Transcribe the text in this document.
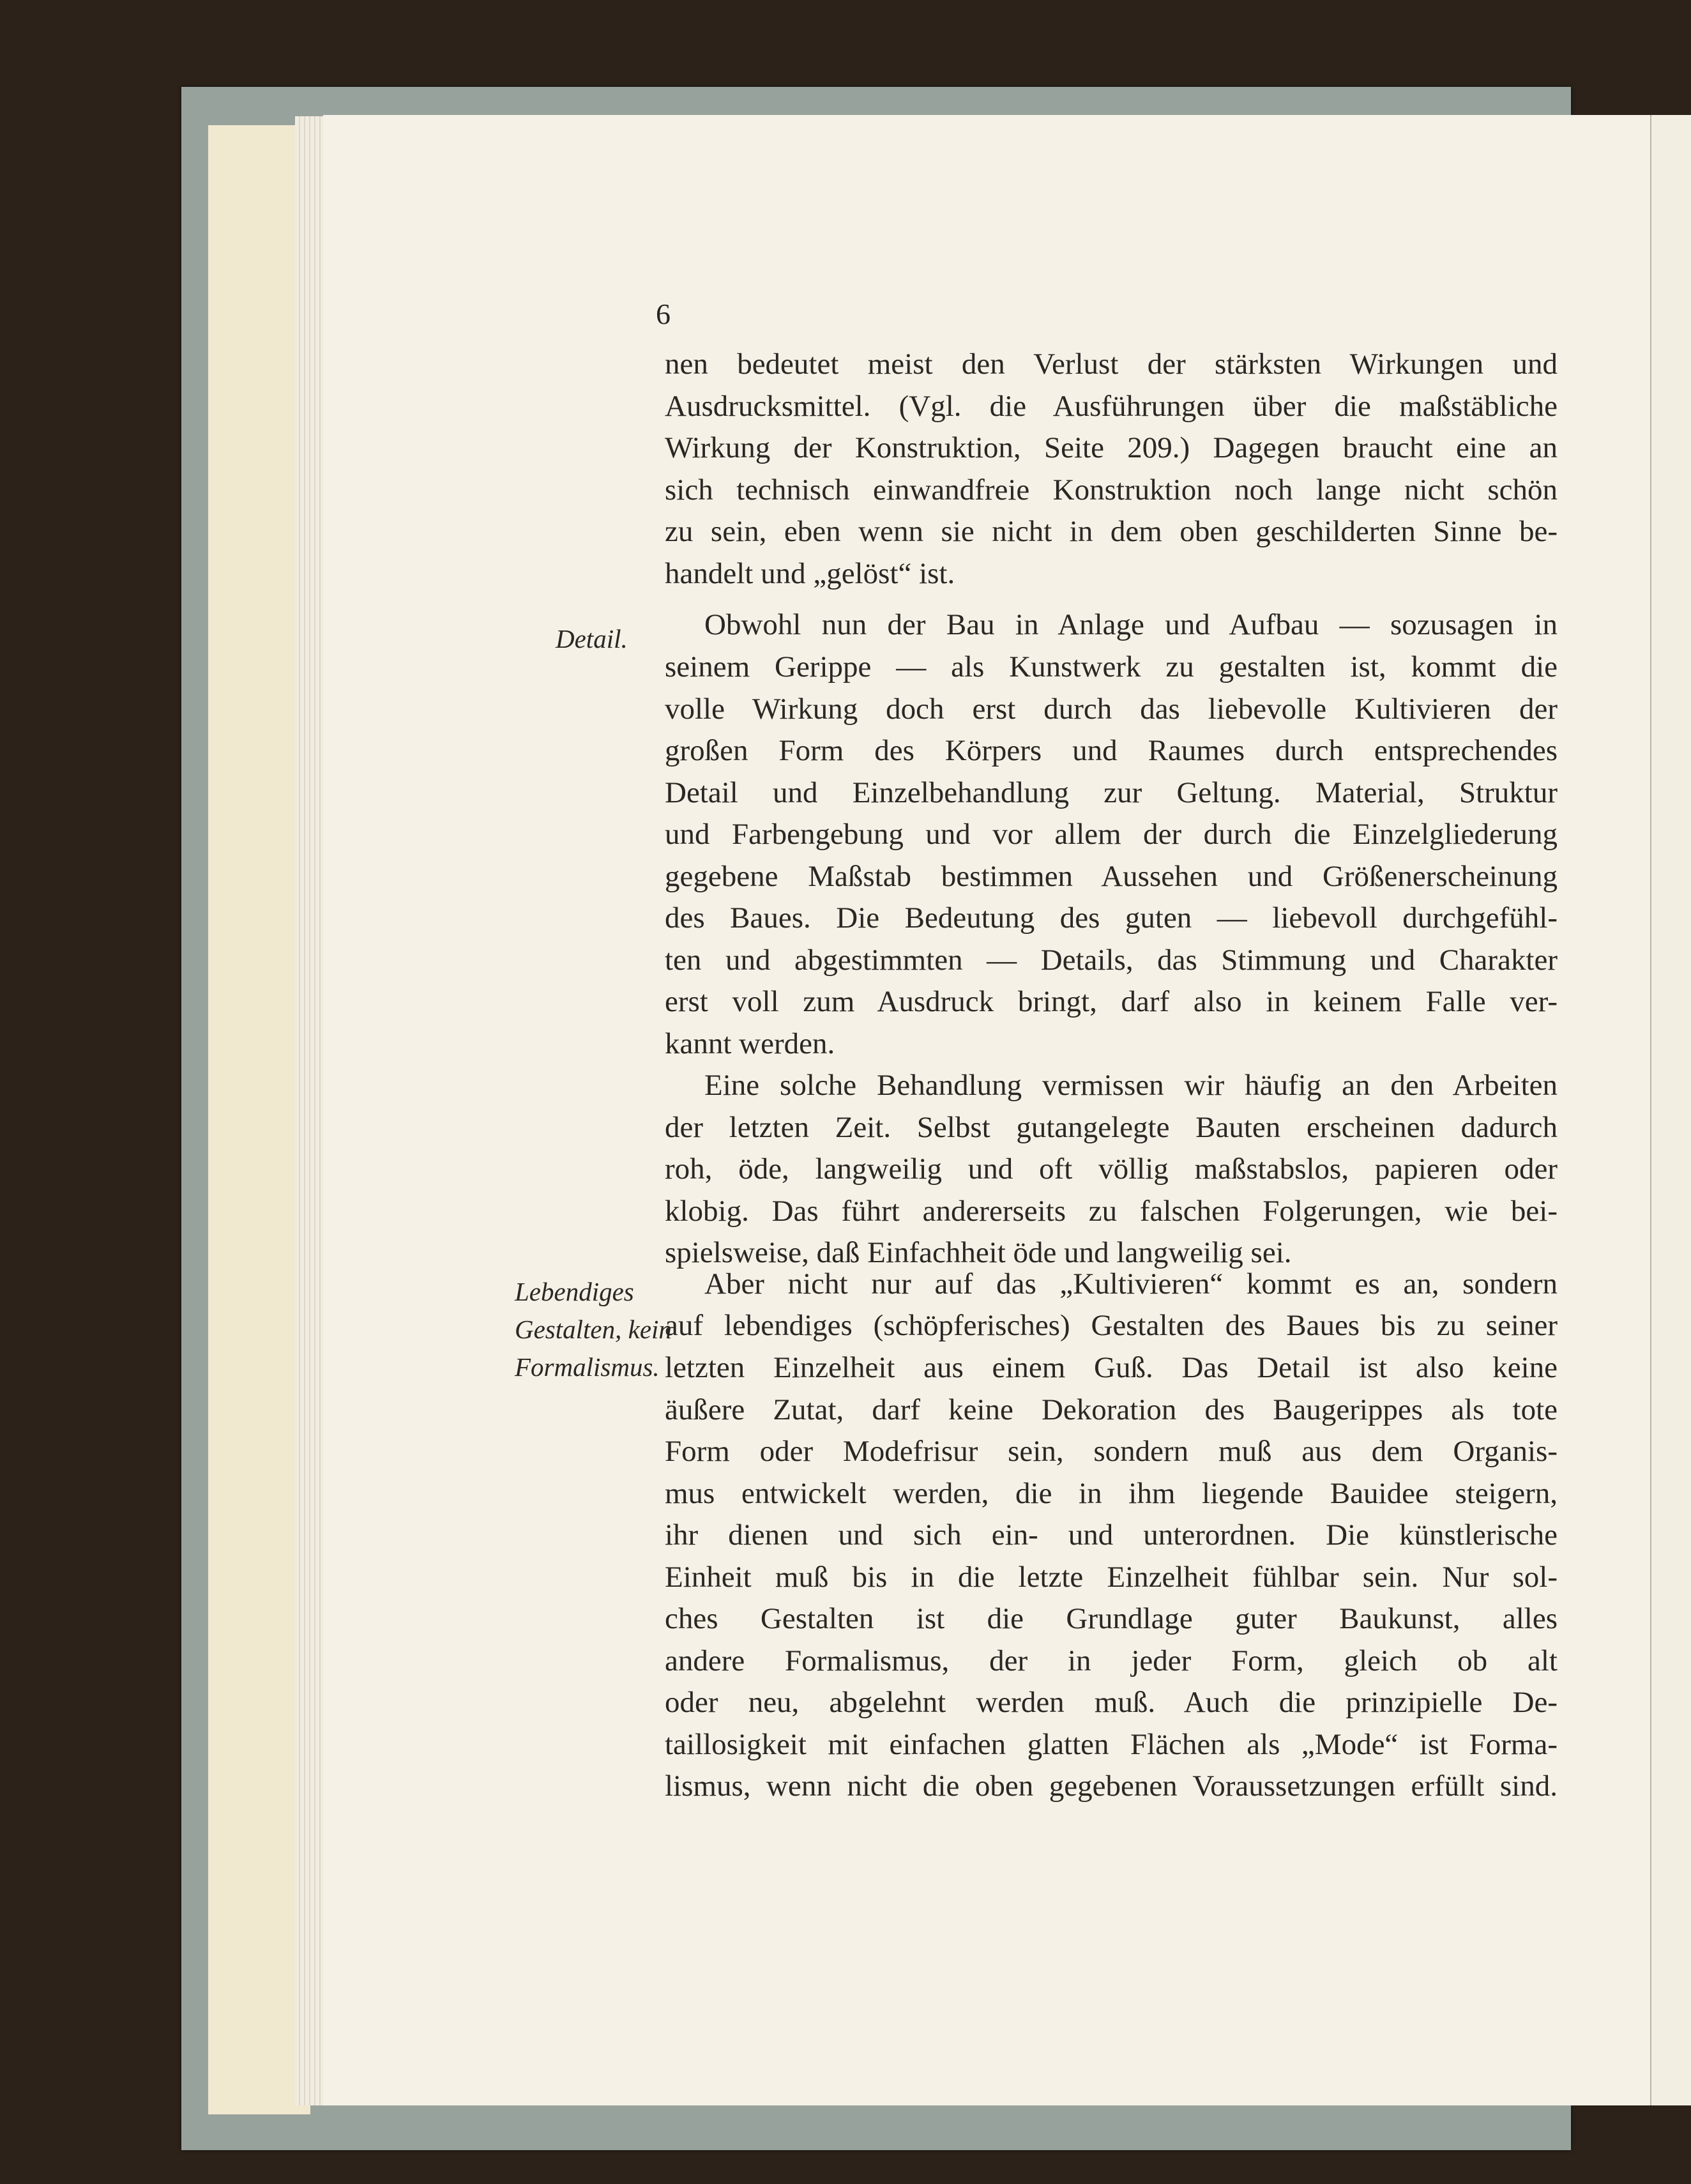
6
Detail.
Lebendiges
Gestalten, kein
Formalismus.
nen bedeutet meist den Verlust der stärksten Wirkungen und
Ausdrucksmittel. (Vgl. die Ausführungen über die maßstäbliche
Wirkung der Konstruktion, Seite 209.) Dagegen braucht eine an
sich technisch einwandfreie Konstruktion noch lange nicht schön
zu sein, eben wenn sie nicht in dem oben geschilderten Sinne be-
handelt und „gelöst“ ist.
Obwohl nun der Bau in Anlage und Aufbau — sozusagen in
seinem Gerippe — als Kunstwerk zu gestalten ist, kommt die
volle Wirkung doch erst durch das liebevolle Kultivieren der
großen Form des Körpers und Raumes durch entsprechendes
Detail und Einzelbehandlung zur Geltung. Material, Struktur
und Farbengebung und vor allem der durch die Einzelgliederung
gegebene Maßstab bestimmen Aussehen und Größenerscheinung
des Baues. Die Bedeutung des guten — liebevoll durchgefühl-
ten und abgestimmten — Details, das Stimmung und Charakter
erst voll zum Ausdruck bringt, darf also in keinem Falle ver-
kannt werden.
Eine solche Behandlung vermissen wir häufig an den Arbeiten
der letzten Zeit. Selbst gutangelegte Bauten erscheinen dadurch
roh, öde, langweilig und oft völlig maßstabslos, papieren oder
klobig. Das führt andererseits zu falschen Folgerungen, wie bei-
spielsweise, daß Einfachheit öde und langweilig sei.
Aber nicht nur auf das „Kultivieren“ kommt es an, sondern
auf lebendiges (schöpferisches) Gestalten des Baues bis zu seiner
letzten Einzelheit aus einem Guß. Das Detail ist also keine
äußere Zutat, darf keine Dekoration des Baugerippes als tote
Form oder Modefrisur sein, sondern muß aus dem Organis-
mus entwickelt werden, die in ihm liegende Bauidee steigern,
ihr dienen und sich ein- und unterordnen. Die künstlerische
Einheit muß bis in die letzte Einzelheit fühlbar sein. Nur sol-
ches Gestalten ist die Grundlage guter Baukunst, alles
andere Formalismus, der in jeder Form, gleich ob alt
oder neu, abgelehnt werden muß. Auch die prinzipielle De-
taillosigkeit mit einfachen glatten Flächen als „Mode“ ist Forma-
lismus, wenn nicht die oben gegebenen Voraussetzungen erfüllt sind.
